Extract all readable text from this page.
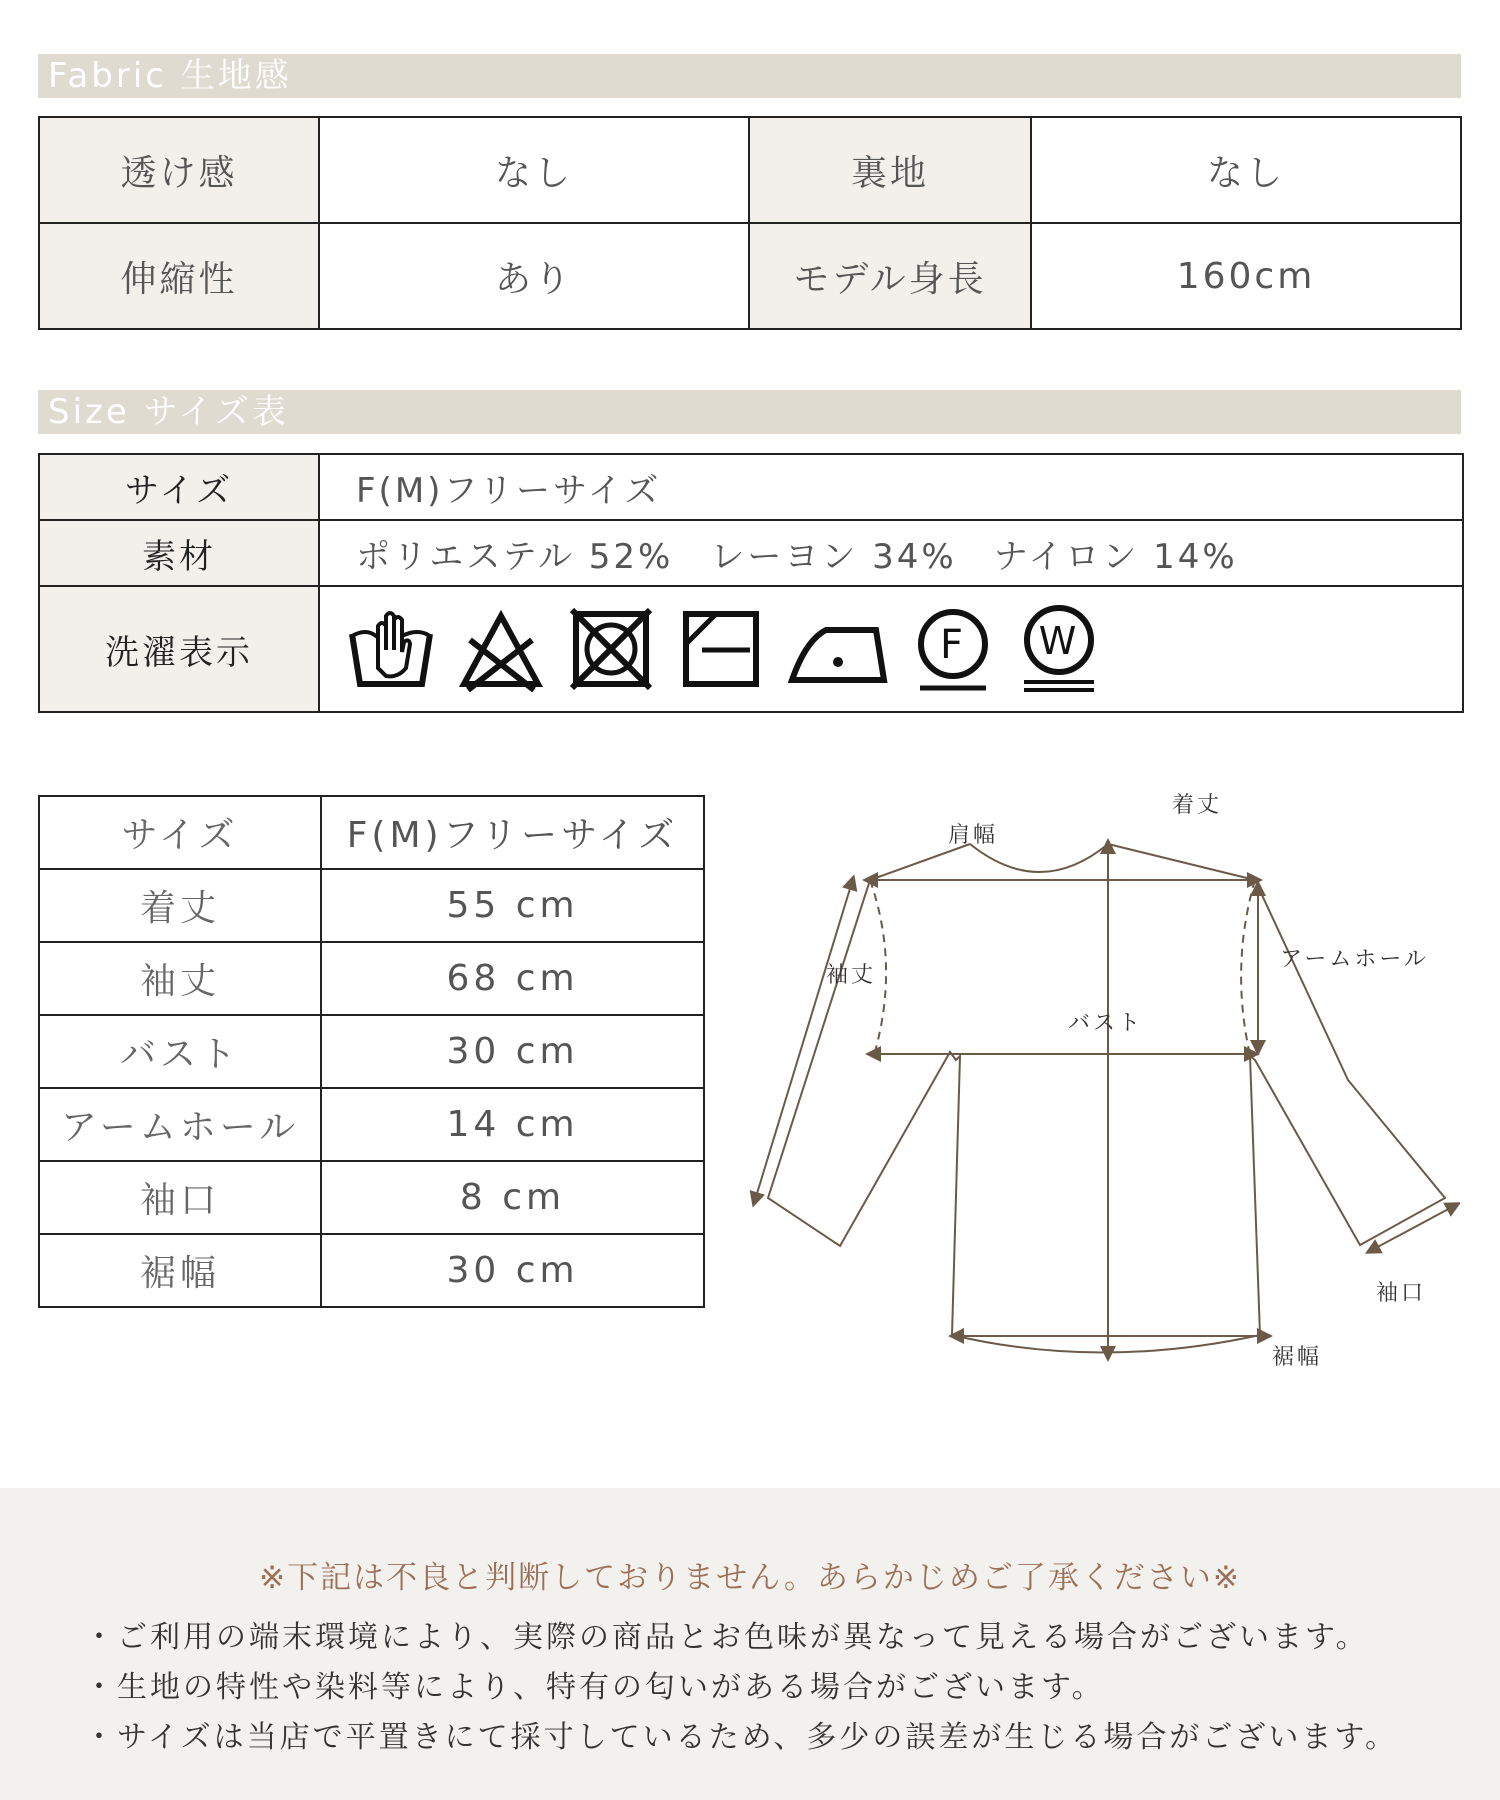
Fabric 生地感
透け感	なし	裏地	なし
伸縮性	あり	モデル身長	160cm
Size サイズ表
サイズ	F(M)フリーサイズ
素材	ポリエステル 52%　レーヨン 34%　ナイロン 14%
洗濯表示	F W
サイズ	F(M)フリーサイズ
着丈	55 cm
袖丈	68 cm
バスト	30 cm
アームホール	14 cm
袖口	8 cm
裾幅	30 cm
着丈
肩幅
袖丈
アームホール
バスト
袖口
裾幅
※下記は不良と判断しておりません。あらかじめご了承ください※
・ご利用の端末環境により、実際の商品とお色味が異なって見える場合がございます。
・生地の特性や染料等により、特有の匂いがある場合がございます。
・サイズは当店で平置きにて採寸しているため、多少の誤差が生じる場合がございます。
